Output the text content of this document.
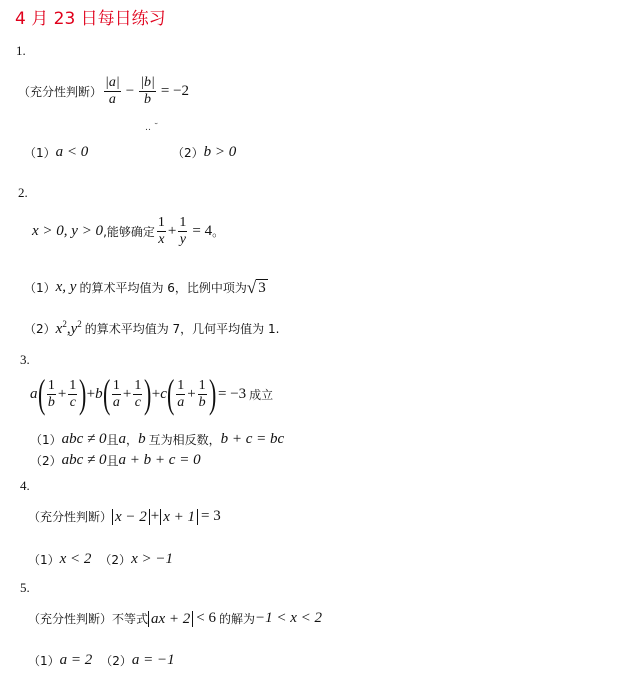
4 月 23 日每日练习
1.
（充分性判断） $\frac{|a|}{a} - \frac{|b|}{b} = -2$
‥ ˘
（1） a < 0	（2） b > 0
2.
x > 0, y > 0 ,能够确定 $\frac{1}{x} + \frac{1}{y} = 4$ 。
（1） x, y 的算术平均值为 6，比例中项为 √ 3
（2） $x^2,y^2$ 的算术平均值为 7，几何平均值为 1.
3.
a ( $\frac{1}{b} + \frac{1}{c}$ ) + b ( $\frac{1}{a} + \frac{1}{c}$ ) + c ( $\frac{1}{a} + \frac{1}{b}$ ) = −3 成立
（1） abc ≠ 0 且 a ， b 互为相反数， b + c = bc
（2） abc ≠ 0 且 a + b + c = 0
4.
（充分性判断） x − 2 + x + 1 = 3
（1） x < 2 （2） x > −1
5.
（充分性判断）不等式 ax + 2 < 6 的解为 −1 < x < 2
（1） a = 2 （2） a = −1
